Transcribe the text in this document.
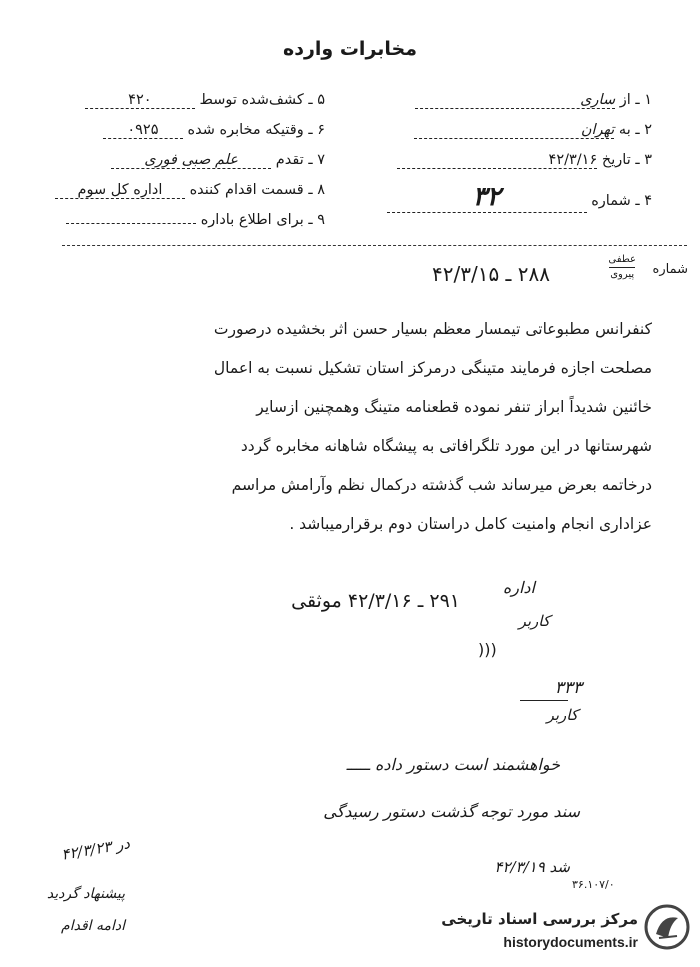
مخابرات وارده
۱ ـ از ساری
۲ ـ به تهران
۳ ـ تاریخ ۴۲/۳/۱۶
۴ ـ شماره ۳۲
۵ ـ کشف‌شده توسط ۴۲۰
۶ ـ وقتیکه مخابره شده ۰۹۲۵
۷ ـ تقدم علم صبی فوری
۸ ـ قسمت اقدام کننده اداره کل سوم
۹ ـ برای اطلاع باداره
شماره
عطفی
پیروی
۲۸۸ ـ ۴۲/۳/۱۵
کنفرانس مطبوعاتی تیمسار معظم بسیار حسن اثر بخشیده درصورت
مصلحت اجازه فرمایند متینگی درمرکز استان تشکیل نسبت به اعمال
خائنین شدیداً ابراز تنفر نموده قطعنامه متینگ وهمچنین ازسایر
شهرستانها در این مورد تلگرافاتی به پیشگاه شاهانه مخابره گردد
درخاتمه بعرض میرساند شب گذشته درکمال نظم وآرامش مراسم
عزاداری انجام وامنیت کامل دراستان دوم برقرارمیباشد .
۲۹۱ ـ ۴۲/۳/۱۶ موثقی
اداره
کاربر
)))
۳۳۳
کاربر
خواهشمند است دستور داده ـــــ
سند مورد توجه گذشت دستور رسیدگی
شد ۴۲/۳/۱۹
در ۴۲/۳/۲۳
پیشنهاد گردید
ادامه اقدام
۳۶.۱۰۷/۰
مرکز بررسی اسناد تاریخی
historydocuments.ir
